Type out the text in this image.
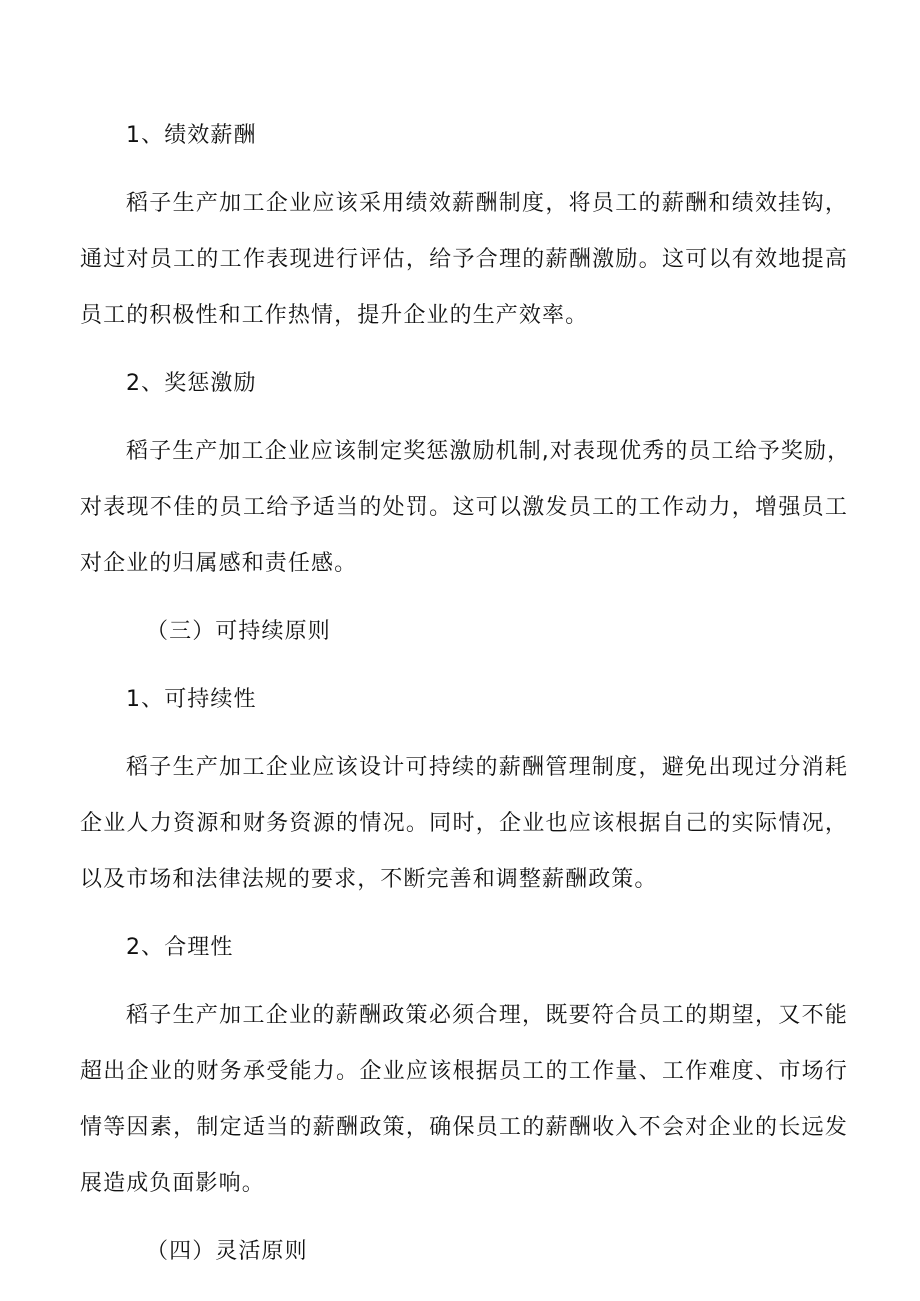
1、绩效薪酬
稻子生产加工企业应该采用绩效薪酬制度，将员工的薪酬和绩效挂钩，
通过对员工的工作表现进行评估，给予合理的薪酬激励。这可以有效地提高
员工的积极性和工作热情，提升企业的生产效率。
2、奖惩激励
稻子生产加工企业应该制定奖惩激励机制,对表现优秀的员工给予奖励，
对表现不佳的员工给予适当的处罚。这可以激发员工的工作动力，增强员工
对企业的归属感和责任感。
（三）可持续原则
1、可持续性
稻子生产加工企业应该设计可持续的薪酬管理制度，避免出现过分消耗
企业人力资源和财务资源的情况。同时，企业也应该根据自己的实际情况，
以及市场和法律法规的要求，不断完善和调整薪酬政策。
2、合理性
稻子生产加工企业的薪酬政策必须合理，既要符合员工的期望，又不能
超出企业的财务承受能力。企业应该根据员工的工作量、工作难度、市场行
情等因素，制定适当的薪酬政策，确保员工的薪酬收入不会对企业的长远发
展造成负面影响。
（四）灵活原则
